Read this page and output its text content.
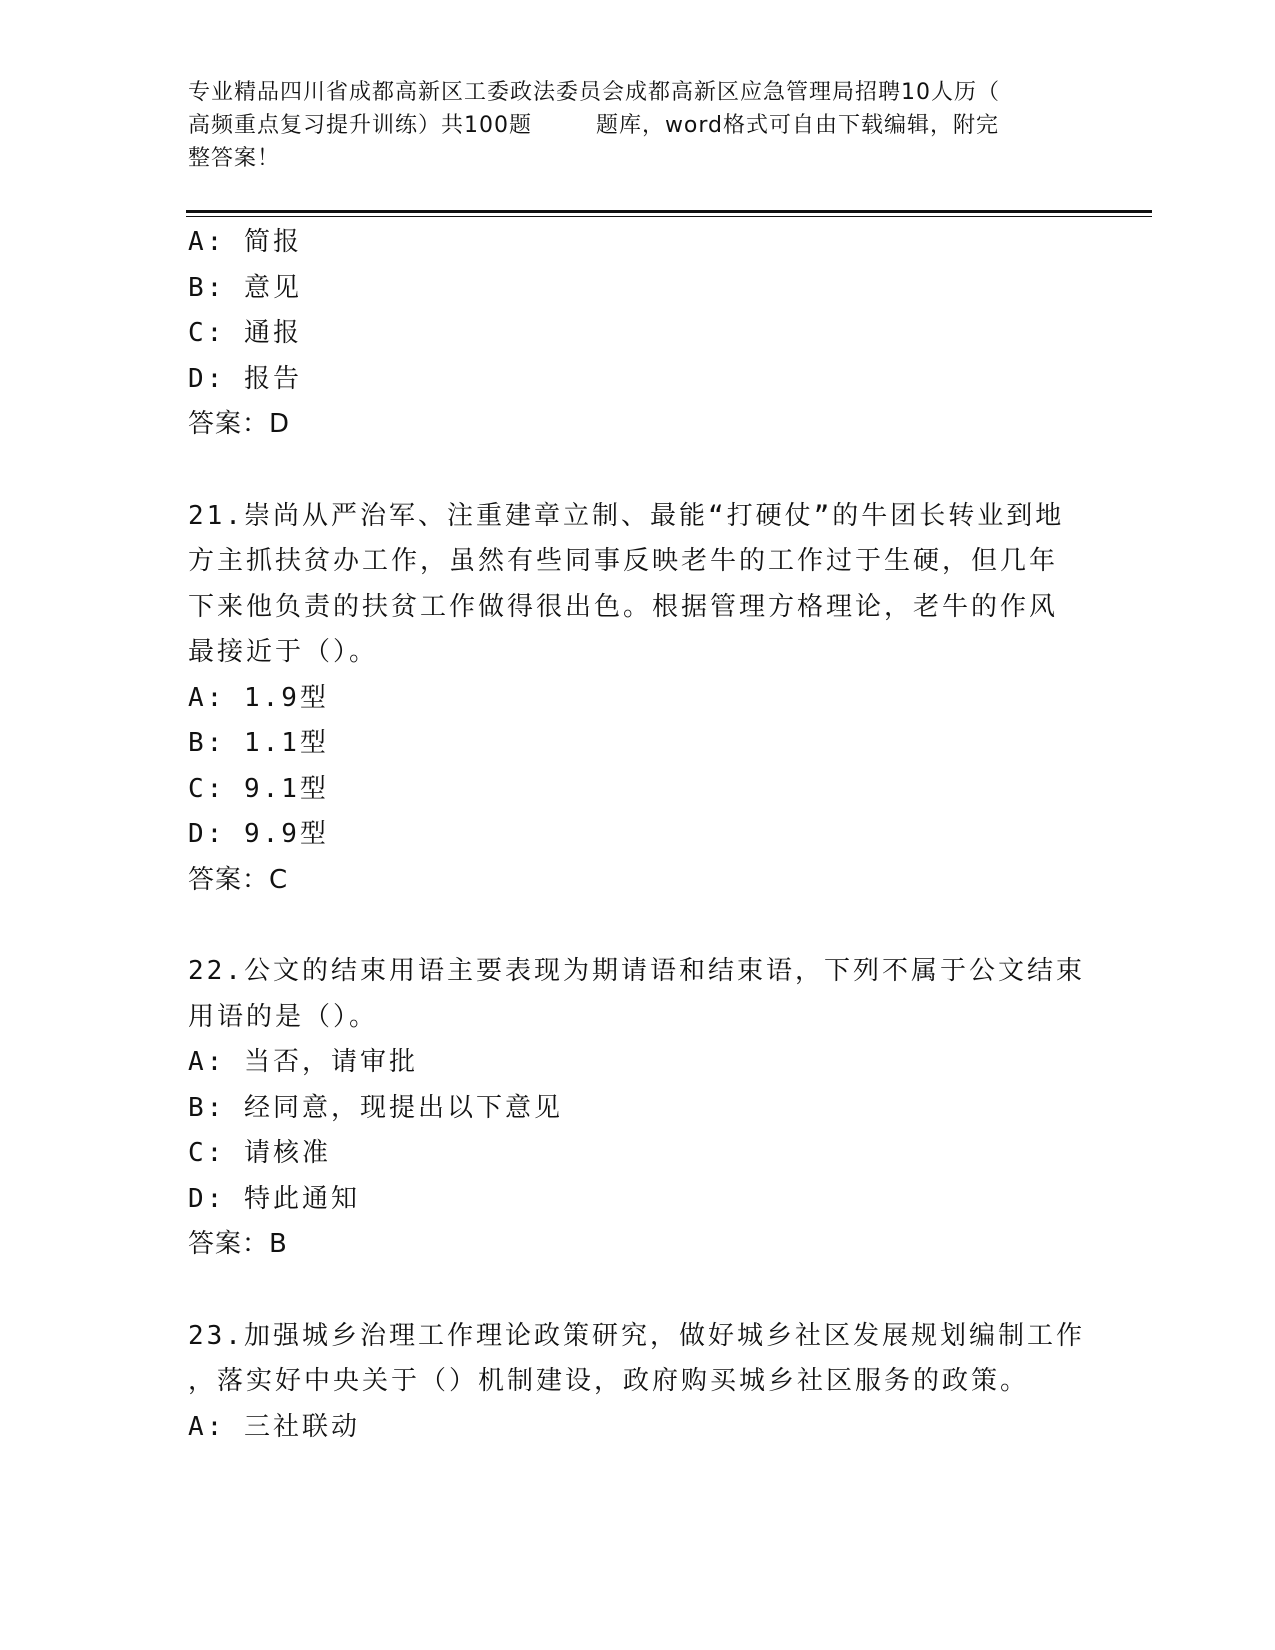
专业精品四川省成都高新区工委政法委员会成都高新区应急管理局招聘10人历（
高频重点复习提升训练）共100题        题库，word格式可自由下载编辑，附完
整答案！
A: 简报
B: 意见
C: 通报
D: 报告
答案：D
21.崇尚从严治军、注重建章立制、最能“打硬仗”的牛团长转业到地
方主抓扶贫办工作，虽然有些同事反映老牛的工作过于生硬，但几年
下来他负责的扶贫工作做得很出色。根据管理方格理论，老牛的作风
最接近于（）。
A: 1.9型
B: 1.1型
C: 9.1型
D: 9.9型
答案：C
22.公文的结束用语主要表现为期请语和结束语，下列不属于公文结束
用语的是（）。
A: 当否，请审批
B: 经同意，现提出以下意见
C: 请核准
D: 特此通知
答案：B
23.加强城乡治理工作理论政策研究，做好城乡社区发展规划编制工作
，落实好中央关于（）机制建设，政府购买城乡社区服务的政策。
A: 三社联动
